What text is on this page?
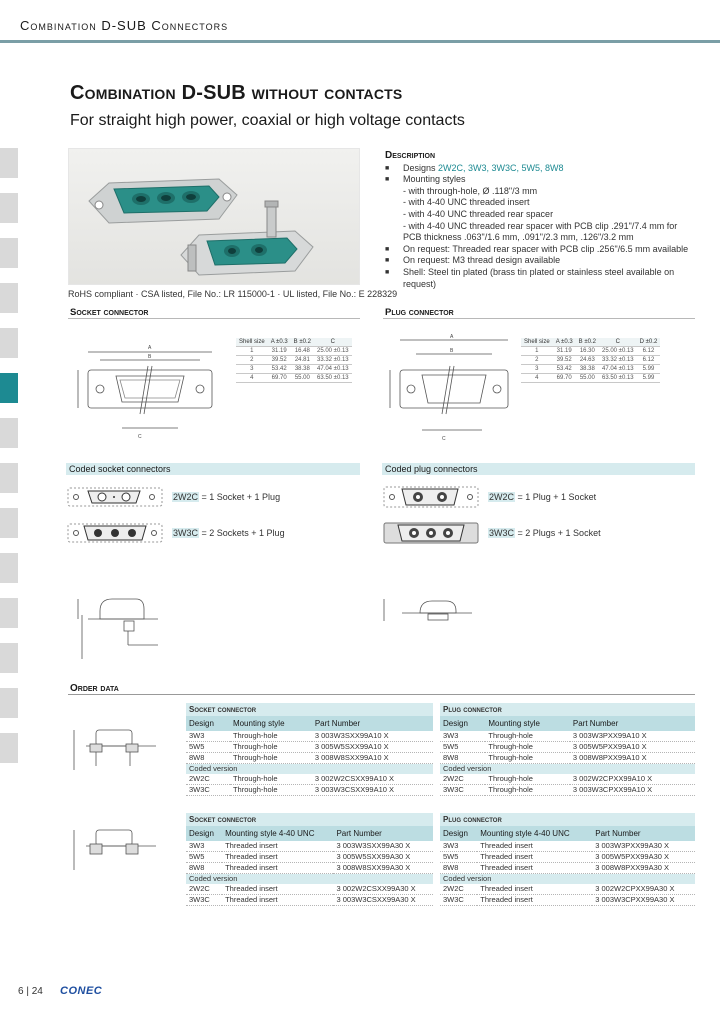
Combination D-SUB Connectors
Combination D-SUB without contacts
For straight high power, coaxial or high voltage contacts
RoHS compliant · CSA listed, File No.: LR 115000-1 · UL listed, File No.: E 228329
Description
■	Designs 2W2C, 3W3, 3W3C, 5W5, 8W8
■	Mounting styles
- with through-hole, Ø .118"/3 mm
- with 4-40 UNC threaded insert
- with 4-40 UNC threaded rear spacer
- with 4-40 UNC threaded rear spacer with PCB clip .291"/7.4 mm for
PCB thickness .063"/1.6 mm, .091"/2.3 mm, .126"/3.2 mm
■	On request: Threaded rear spacer with PCB clip .256"/6.5 mm available
■	On request: M3 thread design available
■	Shell: Steel tin plated (brass tin plated or stainless steel available on request)
Socket connector	Plug connector
A
B
C
Shell size	A ±0.3	B ±0.2	C
1	31.19	16.48	25.00 ±0.13
2	39.52	24.81	33.32 ±0.13
3	53.42	38.38	47.04 ±0.13
4	69.70	55.00	63.50 ±0.13
A
B
C
Shell size	A ±0.3	B ±0.2	C	D ±0.2
1	31.19	16.30	25.00 ±0.13	6.12
2	39.52	24.63	33.32 ±0.13	6.12
3	53.42	38.38	47.04 ±0.13	5.99
4	69.70	55.00	63.50 ±0.13	5.99
Coded socket connectors	Coded plug connectors
2W2C = 1 Socket + 1 Plug
3W3C = 2 Sockets + 1 Plug
2W2C = 1 Plug + 1 Socket
3W3C = 2 Plugs + 1 Socket
Order data
Socket connector		
Design	Mounting style	Part Number
3W3	Through-hole	3 003W3SXX99A10 X
5W5	Through-hole	3 005W5SXX99A10 X
8W8	Through-hole	3 008W8SXX99A10 X
Coded version		
2W2C	Through-hole	3 002W2CSXX99A10 X
3W3C	Through-hole	3 003W3CSXX99A10 X
Plug connector		
Design	Mounting style	Part Number
3W3	Through-hole	3 003W3PXX99A10 X
5W5	Through-hole	3 005W5PXX99A10 X
8W8	Through-hole	3 008W8PXX99A10 X
Coded version		
2W2C	Through-hole	3 002W2CPXX99A10 X
3W3C	Through-hole	3 003W3CPXX99A10 X
Socket connector		
Design	Mounting style 4-40 UNC	Part Number
3W3	Threaded insert	3 003W3SXX99A30 X
5W5	Threaded insert	3 005W5SXX99A30 X
8W8	Threaded insert	3 008W8SXX99A30 X
Coded version		
2W2C	Threaded insert	3 002W2CSXX99A30 X
3W3C	Threaded insert	3 003W3CSXX99A30 X
Plug connector		
Design	Mounting style 4-40 UNC	Part Number
3W3	Threaded insert	3 003W3PXX99A30 X
5W5	Threaded insert	3 005W5PXX99A30 X
8W8	Threaded insert	3 008W8PXX99A30 X
Coded version		
2W2C	Threaded insert	3 002W2CPXX99A30 X
3W3C	Threaded insert	3 003W3CPXX99A30 X
6 | 24 CONEC
